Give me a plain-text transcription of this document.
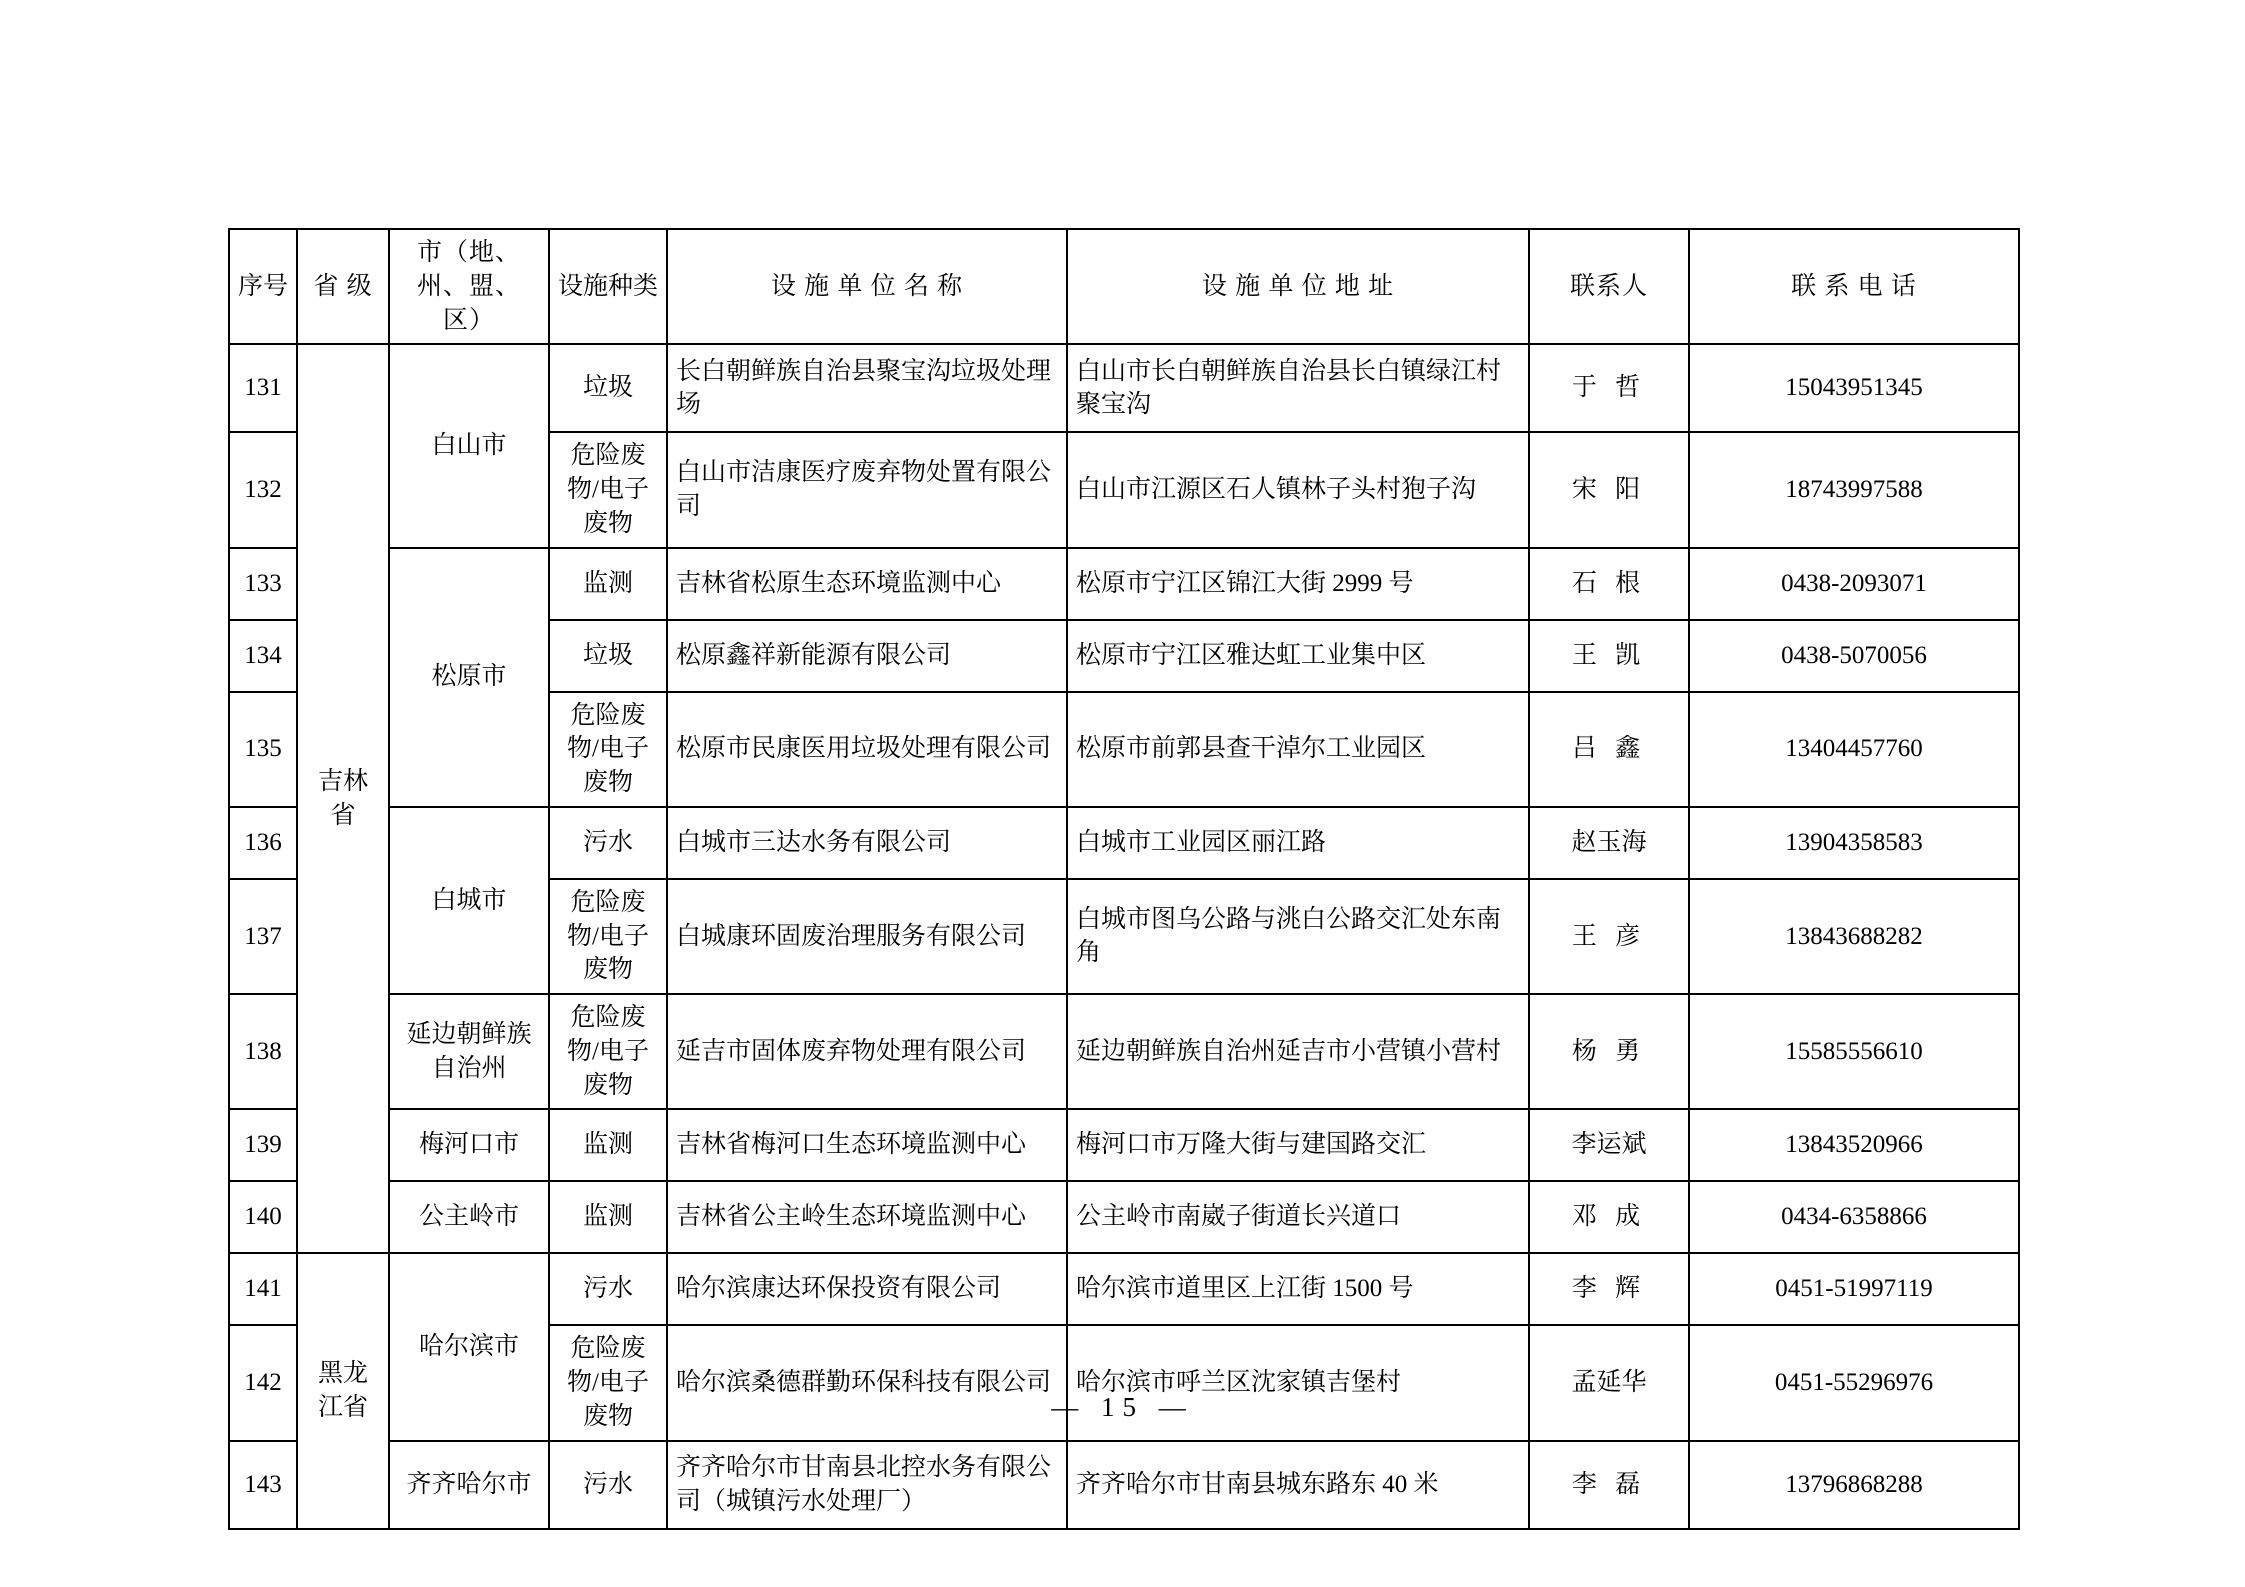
序号	省 级	市（地、州、盟、区）	设施种类	设 施 单 位 名 称	设 施 单 位 地 址	联系人	联 系 电 话
131	吉林省	白山市	垃圾	长白朝鲜族自治县聚宝沟垃圾处理场	白山市长白朝鲜族自治县长白镇绿江村聚宝沟	于 哲	15043951345
132			危险废物/电子废物	白山市洁康医疗废弃物处置有限公司	白山市江源区石人镇林子头村狍子沟	宋 阳	18743997588
133		松原市	监测	吉林省松原生态环境监测中心	松原市宁江区锦江大街 2999 号	石 根	0438-2093071
134			垃圾	松原鑫祥新能源有限公司	松原市宁江区雅达虹工业集中区	王 凯	0438-5070056
135			危险废物/电子废物	松原市民康医用垃圾处理有限公司	松原市前郭县查干淖尔工业园区	吕 鑫	13404457760
136		白城市	污水	白城市三达水务有限公司	白城市工业园区丽江路	赵玉海	13904358583
137			危险废物/电子废物	白城康环固废治理服务有限公司	白城市图乌公路与洮白公路交汇处东南角	王 彦	13843688282
138		延边朝鲜族自治州	危险废物/电子废物	延吉市固体废弃物处理有限公司	延边朝鲜族自治州延吉市小营镇小营村	杨 勇	15585556610
139		梅河口市	监测	吉林省梅河口生态环境监测中心	梅河口市万隆大街与建国路交汇	李运斌	13843520966
140		公主岭市	监测	吉林省公主岭生态环境监测中心	公主岭市南崴子街道长兴道口	邓 成	0434-6358866
141	黑龙江省	哈尔滨市	污水	哈尔滨康达环保投资有限公司	哈尔滨市道里区上江街 1500 号	李 辉	0451-51997119
142			危险废物/电子废物	哈尔滨桑德群勤环保科技有限公司	哈尔滨市呼兰区沈家镇吉堡村	孟延华	0451-55296976
143		齐齐哈尔市	污水	齐齐哈尔市甘南县北控水务有限公司（城镇污水处理厂）	齐齐哈尔市甘南县城东路东 40 米	李 磊	13796868288
— 15 —
